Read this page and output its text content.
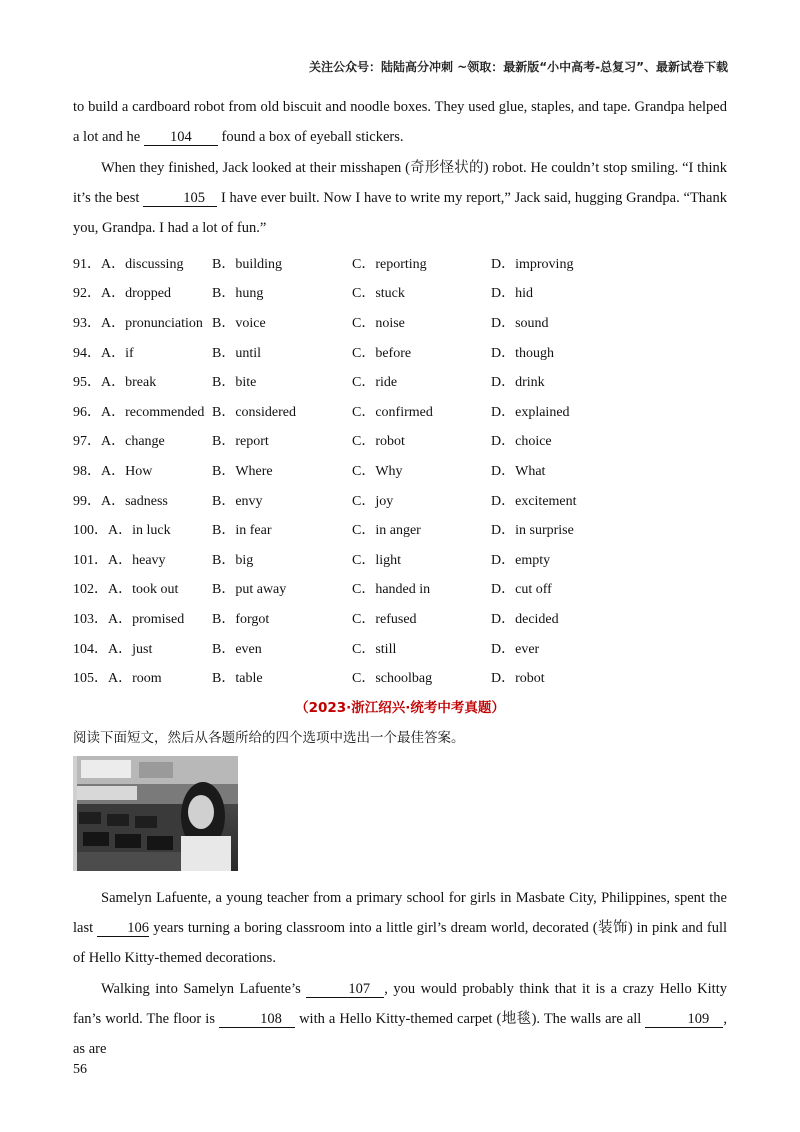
关注公众号：陆陆高分冲刺 ~领取：最新版“小中高考-总复习”、最新试卷下载

to build a cardboard robot from old biscuit and noodle boxes. They used glue, staples, and tape. Grandpa helped a lot and he 104 found a box of eyeball stickers.

When they finished, Jack looked at their misshapen (奇形怪状的) robot. He couldn’t stop smiling. “I think it’s the best	105 I have ever built. Now I have to write my report,” Jack said, hugging Grandpa. “Thank you, Grandpa. I had a lot of fun.”

91．A．discussing	B．building	C．reporting	D．improving
92．A．dropped	B．hung	C．stuck	D．hid
93．A．pronunciation B．voice	C．noise	D．sound
94．A．if	B．until	C．before	D．though
95．A．break	B．bite	C．ride	D．drink
96．A．recommended B．considered	C．confirmed	D．explained
97．A．change	B．report	C．robot	D．choice
98．A．How	B．Where	C．Why	D．What
99．A．sadness	B．envy	C．joy	D．excitement
100．A．in luck	B．in fear	C．in anger	D．in surprise
101．A．heavy	B．big	C．light	D．empty
102．A．took out	B．put away	C．handed in	D．cut off
103．A．promised	B．forgot	C．refused	D．decided
104．A．just	B．even	C．still	D．ever
105．A．room	B．table	C．schoolbag	D．robot
（2023·浙江绍兴·统考中考真题）
阅读下面短文，然后从各题所给的四个选项中选出一个最佳答案。

Samelyn Lafuente, a young teacher from a primary school for girls in Masbate City, Philippines, spent the last 106 years turning a boring classroom into a little girl’s dream world, decorated (装饰) in pink and full of Hello Kitty-themed decorations.

Walking into Samelyn Lafuente’s	107 , you would probably think that it is a crazy Hello Kitty fan’s world. The floor is	108 with a Hello Kitty-themed carpet (地毯). The walls are all	109 , as are

56
